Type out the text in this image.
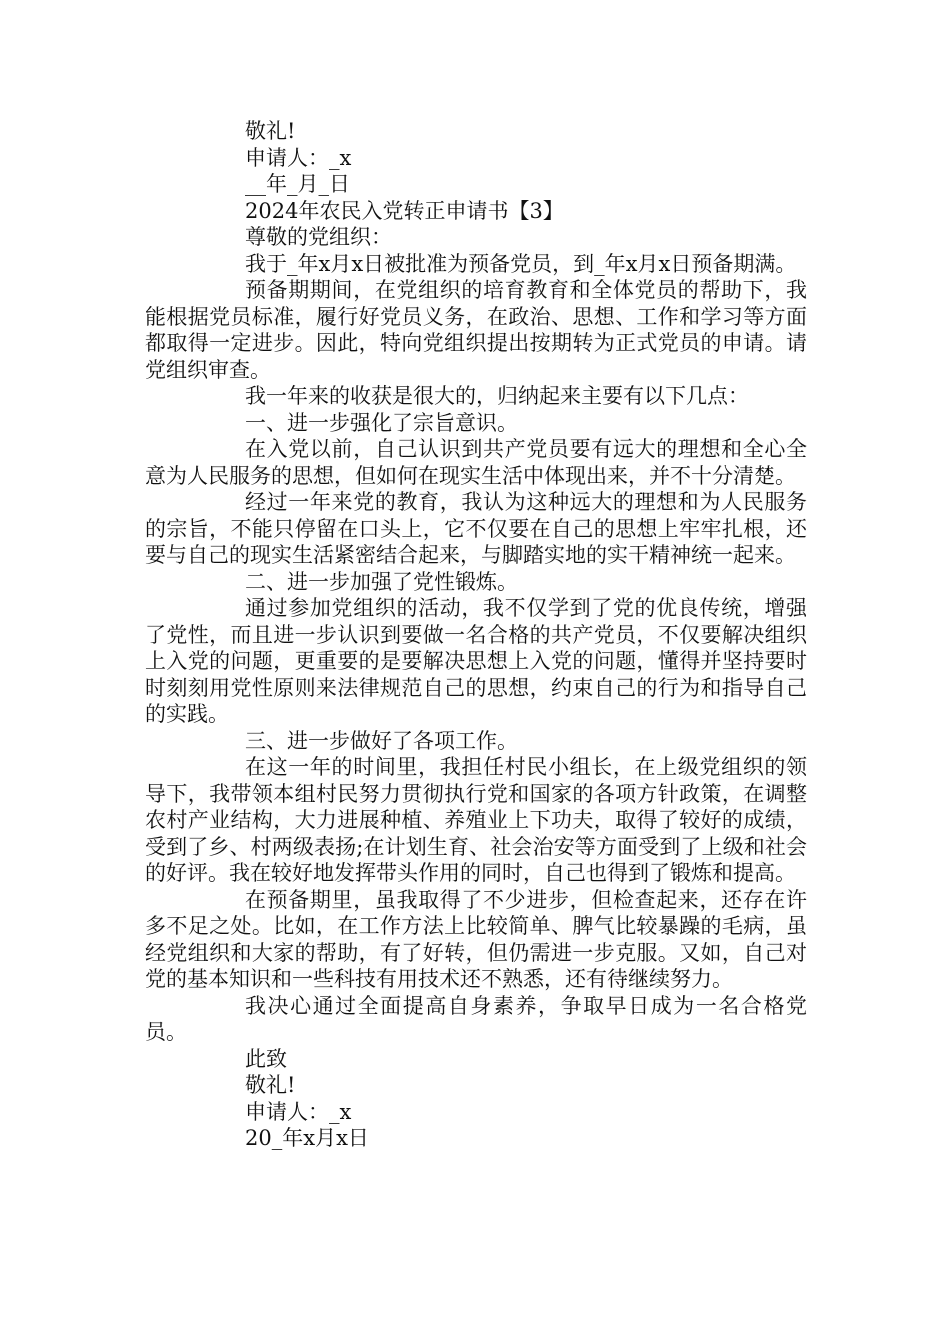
敬礼!
申请人：_x
__年_月_日
2024年农民入党转正申请书【3】
尊敬的党组织：

我于_年x月x日被批准为预备党员，到_年x月x日预备期满。

预备期期间，在党组织的培育教育和全体党员的帮助下，我能根据党员标准，履行好党员义务，在政治、思想、工作和学习等方面都取得一定进步。因此，特向党组织提出按期转为正式党员的申请。请党组织审查。

我一年来的收获是很大的，归纳起来主要有以下几点：

一、进一步强化了宗旨意识。

在入党以前，自己认识到共产党员要有远大的理想和全心全意为人民服务的思想，但如何在现实生活中体现出来，并不十分清楚。

经过一年来党的教育，我认为这种远大的理想和为人民服务的宗旨，不能只停留在口头上，它不仅要在自己的思想上牢牢扎根，还要与自己的现实生活紧密结合起来，与脚踏实地的实干精神统一起来。

二、进一步加强了党性锻炼。

通过参加党组织的活动，我不仅学到了党的优良传统，增强了党性，而且进一步认识到要做一名合格的共产党员，不仅要解决组织上入党的问题，更重要的是要解决思想上入党的问题，懂得并坚持要时时刻刻用党性原则来法律规范自己的思想，约束自己的行为和指导自己的实践。

三、进一步做好了各项工作。

在这一年的时间里，我担任村民小组长，在上级党组织的领导下，我带领本组村民努力贯彻执行党和国家的各项方针政策，在调整农村产业结构，大力进展种植、养殖业上下功夫，取得了较好的成绩，受到了乡、村两级表扬;在计划生育、社会治安等方面受到了上级和社会的好评。我在较好地发挥带头作用的同时，自己也得到了锻炼和提高。

在预备期里，虽我取得了不少进步，但检查起来，还存在许多不足之处。比如，在工作方法上比较简单、脾气比较暴躁的毛病，虽经党组织和大家的帮助，有了好转，但仍需进一步克服。又如，自己对党的基本知识和一些科技有用技术还不熟悉，还有待继续努力。

我决心通过全面提高自身素养，争取早日成为一名合格党员。

此致
敬礼!
申请人：_x
20_年x月x日
